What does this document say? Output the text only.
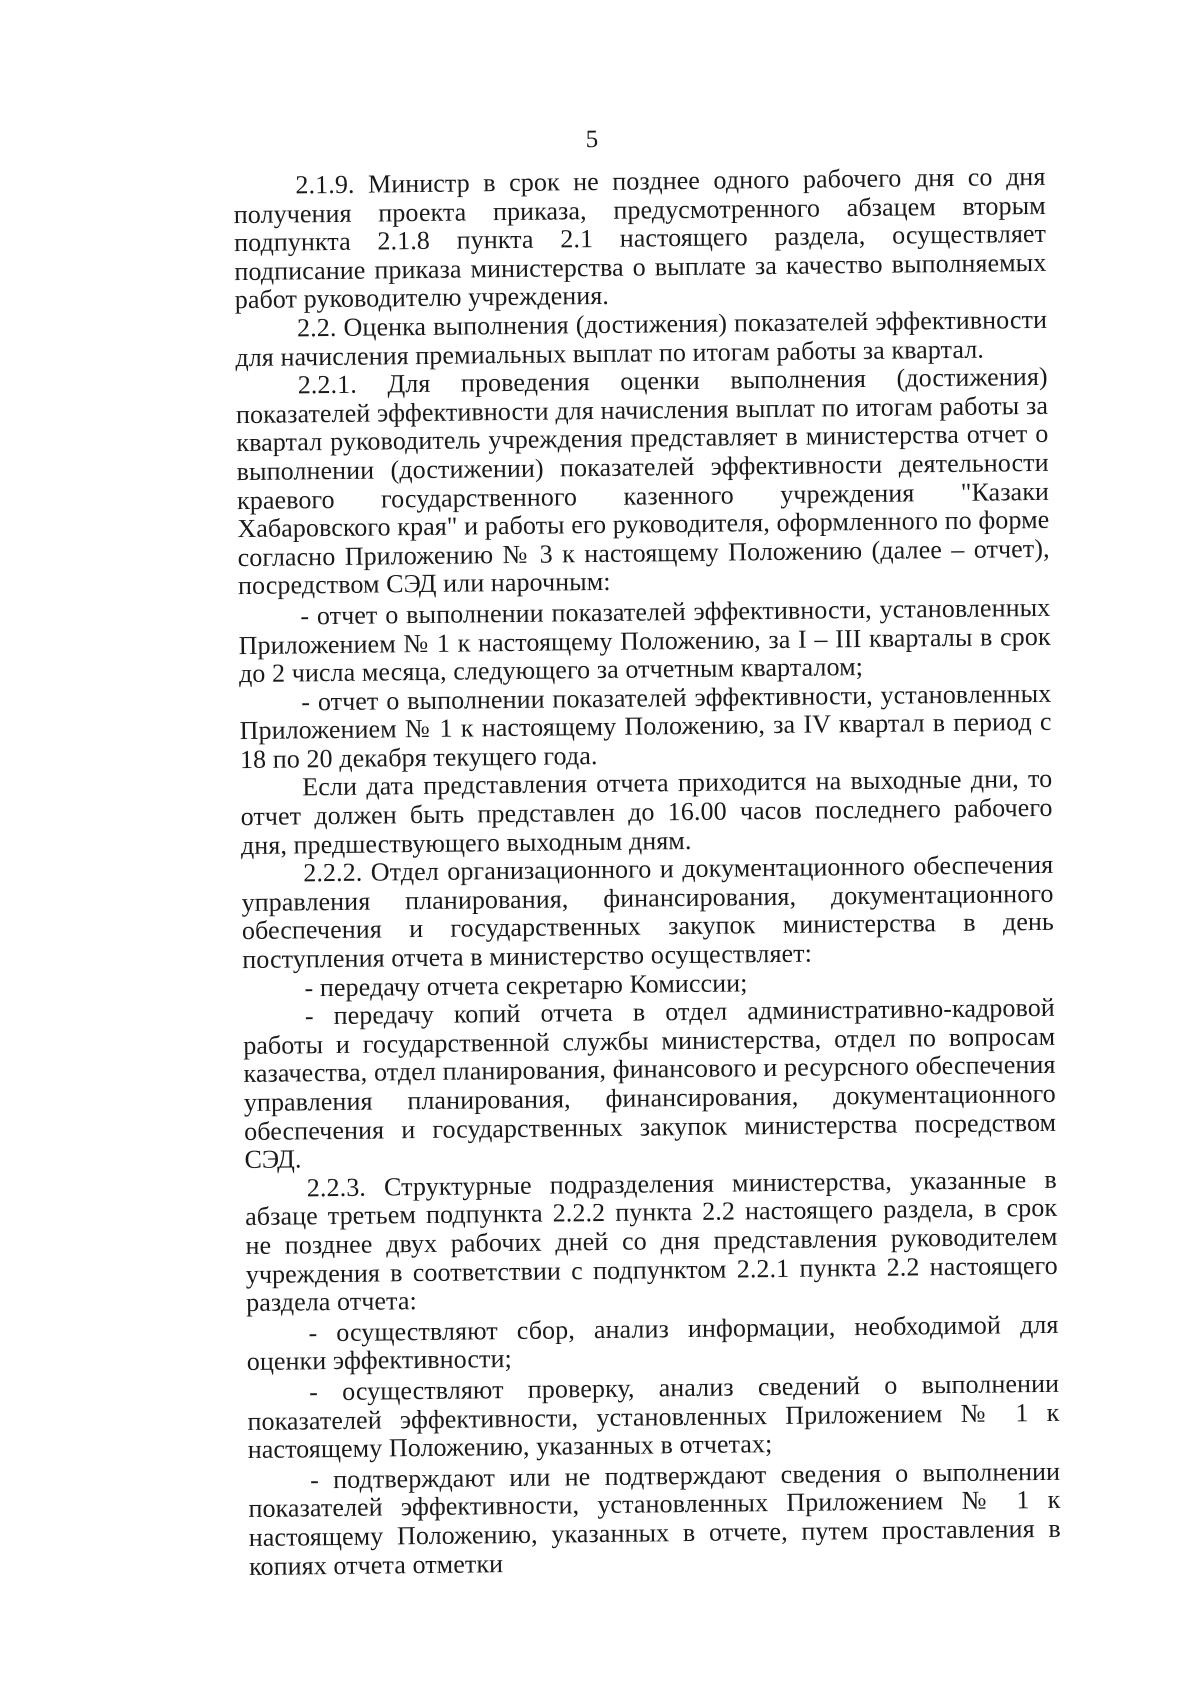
5

2.1.9. Министр в срок не позднее одного рабочего дня со дня получения проекта приказа, предусмотренного абзацем вторым подпункта 2.1.8 пункта 2.1 настоящего раздела, осуществляет подписание приказа министерства о выплате за качество выполняемых работ руководителю учреждения.

2.2. Оценка выполнения (достижения) показателей эффективности для начисления премиальных выплат по итогам работы за квартал.

2.2.1. Для проведения оценки выполнения (достижения) показателей эффективности для начисления выплат по итогам работы за квартал руководитель учреждения представляет в министерства отчет о выполнении (достижении) показателей эффективности деятельности краевого государственного казенного учреждения "Казаки Хабаровского края" и работы его руководителя, оформленного по форме согласно Приложению № 3 к настоящему Положению (далее – отчет), посредством СЭД или нарочным:

- отчет о выполнении показателей эффективности, установленных Приложением № 1 к настоящему Положению, за I – III кварталы в срок до 2 числа месяца, следующего за отчетным кварталом;

- отчет о выполнении показателей эффективности, установленных Приложением № 1 к настоящему Положению, за IV квартал в период с 18 по 20 декабря текущего года.

Если дата представления отчета приходится на выходные дни, то отчет должен быть представлен до 16.00 часов последнего рабочего дня, предшествующего выходным дням.

2.2.2. Отдел организационного и документационного обеспечения управления планирования, финансирования, документационного обеспечения и государственных закупок министерства в день поступления отчета в министерство осуществляет:

- передачу отчета секретарю Комиссии;

- передачу копий отчета в отдел административно-кадровой работы и государственной службы министерства, отдел по вопросам казачества, отдел планирования, финансового и ресурсного обеспечения управления планирования, финансирования, документационного обеспечения и государственных закупок министерства посредством СЭД.

2.2.3. Структурные подразделения министерства, указанные в абзаце третьем подпункта 2.2.2 пункта 2.2 настоящего раздела, в срок не позднее двух рабочих дней со дня представления руководителем учреждения в соответствии с подпунктом 2.2.1 пункта 2.2 настоящего раздела отчета:

- осуществляют сбор, анализ информации, необходимой для оценки эффективности;

- осуществляют проверку, анализ сведений о выполнении показателей эффективности, установленных Приложением № 1 к настоящему Положению, указанных в отчетах;

- подтверждают или не подтверждают сведения о выполнении показателей эффективности, установленных Приложением № 1 к настоящему Положению, указанных в отчете, путем проставления в копиях отчета отметки
